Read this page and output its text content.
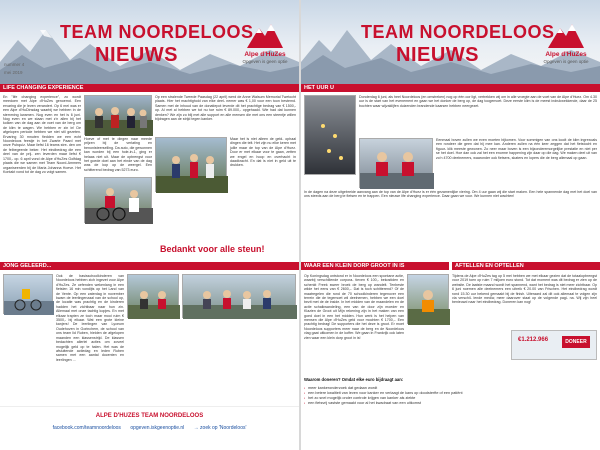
TEAM NOORDELOOS
NIEUWS
nummer 4
mei 2019
Alpe d'HuZes
Opgeven is geen optie
LIFE CHANGING EXPERIENCE
En "life changing experience", zo wordt meedoen met Alpe d'HuZes genoemd. Een ervaring die je leven verandert. Op 6 mei was er een Alpe d'HuDinsdag waarbij we hebben in de stemming kwamen. Nog even en het is 6 juni. Nog even en we staan met z'n allen bij het kolken van de dag aan de voet van de berg om de klim te wagen. We hebben er zin in! De afgelopen periode hebben we niet stil gezeten. Ervaring 30 mnuten fiedden we een echt Noordeloos feestje in het Zwarte Paard met onze Pubquiz. Maar liefst 16 teams stre- den om de felbegeerde beker. Het eindbedrag die een deel van de prij- zen leverden maar liefst € 1700,- op. 6 april vond de Alpe d'HuZes Golfdag plaats die we samen met Team Noord-Ammers organiseerden bij de Maria Johanna Hoeve. Het Kontakt vond tot de dag zo volgt samen.
Hoeve of met te dingen naar meede prijzen bij de verlating en benonisteerselling. Da auto, die gewonnen kan worden bij een hole-in-1, ging er helaas niet uit. Maar de opbrengst voor het goede doel aan het einde van de dag was de kop op de weergel. Een schitterend bedrag van 5273 euro.
Op een stralende Tweede Paasdag (22 april) werd de Anne Walsum Memorial Twetocht plaats. Hier het machtighold van elke deel- nemer was € 1,00 voor een toon bestemd. Samen met de inhoud van de donatiepot leverde dit het prachtige bedrag van € 1500,- op. Al met al hebben we tot nu toe ruim € 89.000,- opgehaald. Wie had dat kunnen denken? We zijn zo blij met alle support en alle mensen die met ons een steentje willen bijdragen aan de strijd tegen kanker.
Maar het is niet alleen de geld- ophaal dingen die telt. Het zijn nu elke keren met jullie maar de top van de Alpe d'Huez. Door er met elkaar voor te gaan, zetten we engel en hoop en overhacht in daadkracht. En dat is niet in geld uit te drukken.
Bedankt voor alle steun!
JONG GELEERD...
Ook de basisschoolkinderen van Noordeloos hebben zich ingezet voor Alpe d'HuZes. Ze oefenden wekenlang in een fietslen 16 min vondijts op het Land van de Vente. Op een zaterdag in november kwam de leerlingenzaal van de school op, de locatie was prachtig en de kinderen hadden het zichtbaar naar hun zin. Allemaal met onze tachtig kopjes. En met elkaar trapten ze toch maar mooi ruim € 3500,- bij elkaar. Wat een grote kleine kanjers! De leerlingen van Lyceum Oudehoven in Gorinchem, de school van ons team lid Ruben, hielden de afgelopen maanden een klassenstrijd. De klassen bedachten allerlei acties om zoveel mogelijk geld op te halen. Het was de afsluitende actiedag en leden Ruben samen met een aantal docenten en leerlingen ...
ALPE D'HUZES TEAM NOORDELOOS
facebook.com/teamnoordeloos opgeven.iskgeenoptie.nl → zoek op 'Noordeloos'
TEAM NOORDELOOS
NIEUWS	Alpe d'HuZes
Opgeven is geen optie
HET UUR U
Donderdag 6 juni, als heel Noordeloos (en omstreken) nog op één oor ligt, vertrekken wij om in alle vroegte aan de voet van de Alpe d'Huez. Om 4.30 uur is de start van het evenement en gaan we het donker de berg op, de dag toogemoet. Deze eerste klim is de meest indrukwekkende, daar de 25 bochten waar wijvaklijfen duizenden brandende kaarsen hebben neergezet.
Eenmaal boven zullen we even moeten bijkomen. Voor sommigen van ons loodt de klim ingrexoals een rondeer die geen dat hij mee kan. Anderen zullen na één keer zeggen dat het fietstocht en figuur- klik meeste gewonen. Zo neer maar boven is een bijzonderemorgelijke prestatie en niet per se het doel. Hoe dan ook zal het een enorme happening zijn daar op die dag. We maken deel uit van zo'n 4700 deelnemers, waaronder ook fietsers, skaters en lopers die de berg allemaal op gaan.
In de dagen na deze uitgebreide aanvang aan de top van de Alpe d'Huez is er één gezamenlijke viering. Om 4 uur gaan wij die start maken. Een hele spannende dag met het doel van ons steeds aan de berg te fietsen en te trappen. Een nieuwe life changing experience. Daar gaan we voor. We kunnen niet wachten!
WAAR EEN KLEIN DORP GROOT IN IS	AFTELLEN EN OPTELLEN
Op Koningsdag ontstond er in Noordeloos een spontane actie, waarbij verschillende corpora- tieven € 100,- bekostiden en schenkt Freek sweer broek de berg op wandelt. Tenbeste wilde het eens van € 2600,-. Dat is toch schitterend? Of de maatregelen die rond de 70 schoolkinderen tegenover een terrein die de tegemoet wil deelnemen, hebben we een doel bezit met de de inside. In het midden van de maandelen en de actie schalkwandeling, een van de door zijn moeder en Klazien de Groot uit Mijn rekening zijn in het maken van een goed doel in een het midden. Hun werk is het helpen van mensen die Alpe d'HuZes geld voor mochten € 1700,-. Een prachtig bedrag! De supporters die het deze is groot. Er moet Noordeloos supporters meer naar de berg en de Noordeloos vlag gaat uitkomen in de koffer. We gaan in Frankrijk ook laten zien waar een klein dorp groot in is!
Tijdens de Alpe d'HuZes tag op 5 mei hebben we met elkaar gezien dat de totaalopbrengst voor 2019 toen op ruim 7 miljoen euro stond. Tot dat moment was dit bedrag er zien op de website. De laatste maand wordt het spannend, want het bedrag is niet meer zichtbaar. Op 6 juni noemen alle deelnemers een uitreik € 20.00 van Frischen. Het eindbedrag wordt rond 15.30 uur bekend gemaakt bij de finish. Uiteraard zal dit ook allemaal te volgen zijn via verschil- lende media; meer daarover staat op de volgende pagi- na. Wij zijn heel benieuwd naar het eindbedrag. Doneren kan nog!
€1.212.966	DONEER
Waarom doneren? Omdat elke euro bijdraagt aan:
▪ meer kankeronderzoek dat gedaan wordt
▪ een betere kwaliteit van leven voor kanker en verlaagt de kans op doodsterfte of een patiënt
▪ het zo snel mogelijk onder controle krijgen van kanker als ziekte
▪ een fietsvrij vastste gemaakt voor al het kwadraat van een uitkomst
